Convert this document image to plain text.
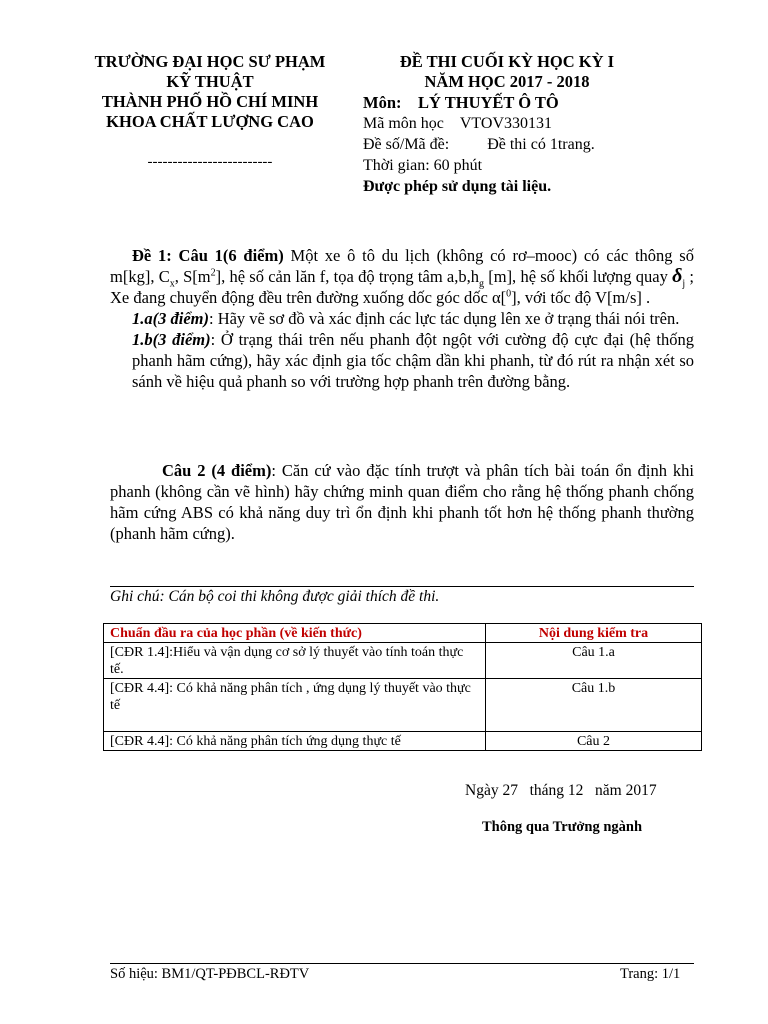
TRƯỜNG ĐẠI HỌC SƯ PHẠM
KỸ THUẬT
THÀNH PHỐ HỒ CHÍ MINH
KHOA CHẤT LƯỢNG CAO
-------------------------
ĐỀ THI CUỐI KỲ HỌC KỲ I
NĂM HỌC 2017 - 2018
Môn: LÝ THUYẾT Ô TÔ
Mã môn học VTOV330131
Đề số/Mã đề: Đề thi có 1trang.
Thời gian: 60 phút
Được phép sử dụng tài liệu.

Đề 1: Câu 1(6 điểm) Một xe ô tô du lịch (không có rơ–mooc) có các thông số m[kg], $C_x$, $S[m^2]$, hệ số cản lăn f, tọa độ trọng tâm $a,b,h_g$ [m], hệ số khối lượng quay $\delta_j$ ; Xe đang chuyển động đều trên đường xuống dốc góc dốc α[$^0$], với tốc độ V[m/s] .

1.a(3 điểm): Hãy vẽ sơ đồ và xác định các lực tác dụng lên xe ở trạng thái nói trên.

1.b(3 điểm): Ở trạng thái trên nếu phanh đột ngột với cường độ cực đại (hệ thống phanh hãm cứng), hãy xác định gia tốc chậm dần khi phanh, từ đó rút ra nhận xét so sánh về hiệu quả phanh so với trường hợp phanh trên đường bằng.

Câu 2 (4 điểm): Căn cứ vào đặc tính trượt và phân tích bài toán ổn định khi phanh (không cần vẽ hình) hãy chứng minh quan điểm cho rằng hệ thống phanh chống hãm cứng ABS có khả năng duy trì ổn định khi phanh tốt hơn hệ thống phanh thường (phanh hãm cứng).

Ghi chú: Cán bộ coi thi không được giải thích đề thi.
Chuẩn đầu ra của học phần (về kiến thức)	Nội dung kiểm tra
[CĐR 1.4]:Hiểu và vận dụng cơ sở lý thuyết vào tính toán thực tế.	Câu 1.a
[CĐR 4.4]: Có khả năng phân tích , ứng dụng lý thuyết vào thực tế	Câu 1.b
[CĐR 4.4]: Có khả năng phân tích ứng dụng thực tế	Câu 2
Ngày 27   tháng 12   năm 2017
Thông qua Trưởng ngành
Số hiệu: BM1/QT-PĐBCL-RĐTV	Trang: 1/1
